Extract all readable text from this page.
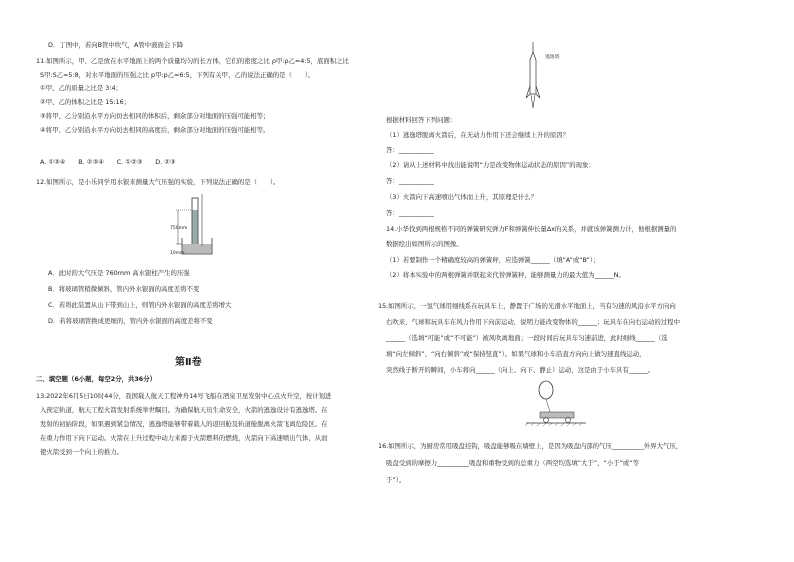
D．丁图中，若向B管中吹气，A管中液面会下降

11.如图所示，甲、乙是放在水平地面上的两个质量均匀的长方体，它们的密度之比 ρ甲:ρ乙=4:5，底面积之比

S甲:S乙=5:8，对水平地面的压强之比 p甲:p乙=6:5，下列有关甲、乙的说法正确的是（　　）。

①甲、乙的质量之比是 3:4；

②甲、乙的体积之比是 15:16；

③将甲、乙分别沿水平方向切去相同的体积后，剩余部分对地面的压强可能相等；

④将甲、乙分别沿水平方向切去相同的高度后，剩余部分对地面的压强可能相等。

A. ①③④　　B. ②③④　　C. ①②③　　D. ②③

12.如图所示，是小乐同学用水银来测量大气压强的实验，下列说法正确的是（　　）。

750mm

10mm

A．此时的大气压是 760mm 高水银柱产生的压强

B．将玻璃管稍微倾斜，管内外水银面的高度差将不变

C．若将此装置从山下带到山上，则管内外水银面的高度差将增大

D．若将玻璃管换成更细的，管内外水银面的高度差将不变

第Ⅱ卷

二、填空题（6小题，每空2分，共36分）

13.2022年6月5日10时44分，我国载人航天工程神舟14号飞船在酒泉卫星发射中心点火升空，按计划进

入预定轨道，航天工程火箭发射系统举世瞩目。为确保航天员生命安全，火箭的逃逸设计有逃逸塔。在

发射的初始阶段，如果遇到紧急情况，逃逸塔能够带着载人的返回舱及轨道舱脱离火箭飞离危险区。在

在重力作用下向下运动。火箭在上升过程中动力来源于火箭燃料的燃烧，火箭向下高速喷出气体，从而

使火箭受到一个向上的推力。

逃逸塔

根据材料回答下列问题：

（1）逃逸塔脱离火箭后，在无动力作用下还会继续上升的原因？

答：___________

（2）请从上述材料中找出能说明“力是改变物体运动状态的原因”的现象：

答：___________

（3）火箭向下高速喷出气体而上升，其原理是什么？

答：___________

14.小华找到两根规格不同的弹簧研究弹力F和弹簧伸长量Δx的关系，并就该弹簧测力计，他根据测量的

数据绘出如图所示的图像。

（1）若要制作一个精确度较高的弹簧秤，应选弹簧______（填“A”或“B”）；

（2）将本实验中的两根弹簧并联起来代替弹簧秤，能够测量力的最大值为______N。

15.如图所示，一氢气球用细线系在玩具车上，静置于广场的光滑水平地面上，当有匀速的风沿水平方向向

右吹来，气球和玩具车在风力作用下向前运动，说明力能改变物体的______；玩具车在向右运动的过程中

______（选填“可能”或“不可能”）被风吹离地面；一段时间后玩具车匀速前进，此时细线______（选

填“向左倾斜”、“向右倾斜”或“保持竖直”）。如果气球和小车沿直方向向上做匀速直线运动，

突然线子断开的瞬间，小车将向______（向上、向下、静止）运动，这是由于小车具有______。

16.如图所示，为厨房常用吸盘挂钩，吸盘能够吸在墙壁上，是因为吸盘内部的气压__________外界大气压，

吸盘受到的摩擦力__________吸盘和重物受到的总重力（两空均选填“大于”、“小于”或“等

于”）。
